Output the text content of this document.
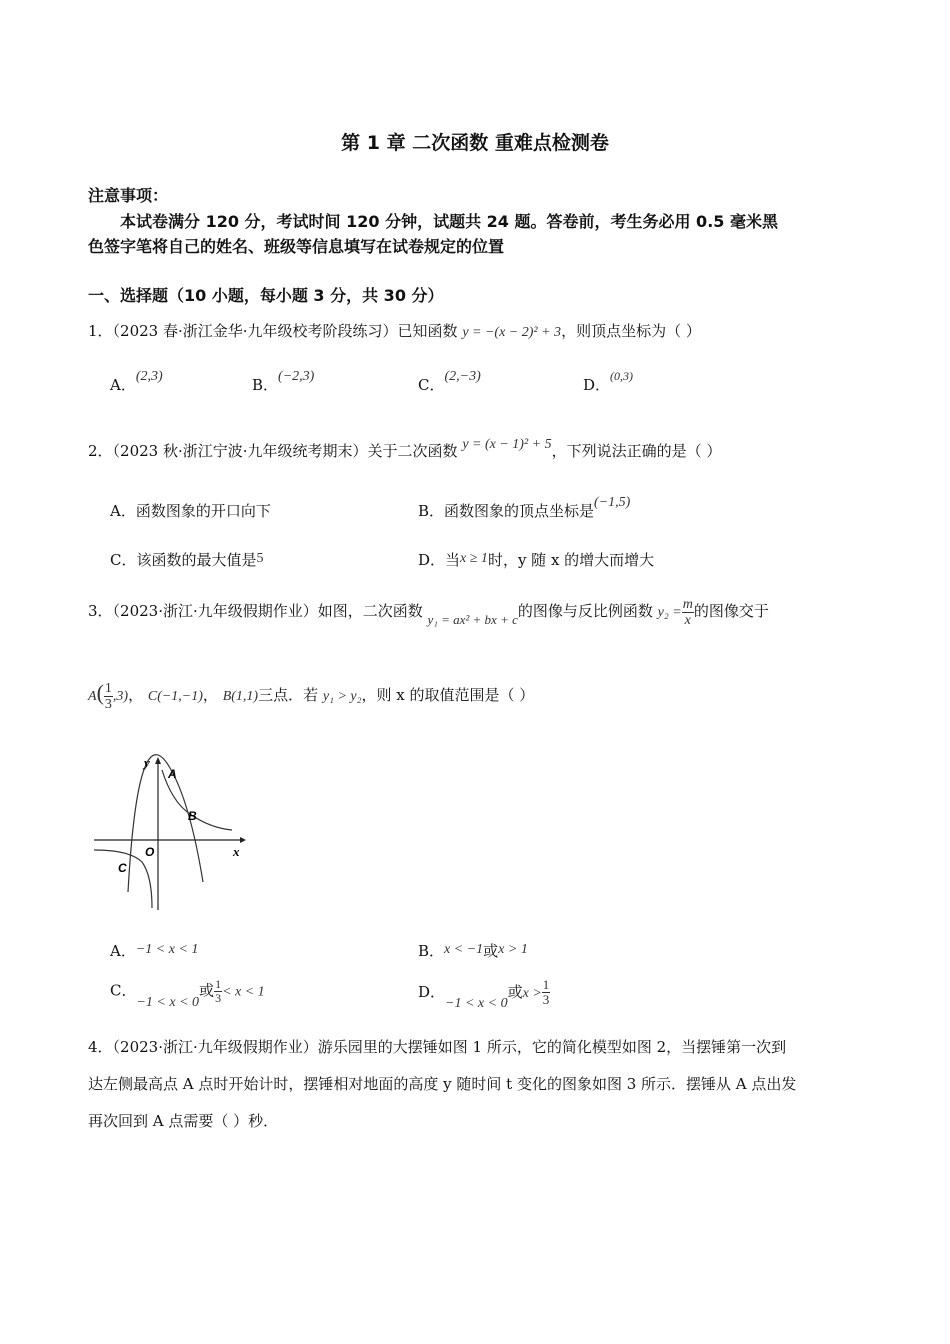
第 1 章 二次函数 重难点检测卷
注意事项：
本试卷满分 120 分，考试时间 120 分钟，试题共 24 题。答卷前，考生务必用 0.5 毫米黑
色签字笔将自己的姓名、班级等信息填写在试卷规定的位置
一、选择题（10 小题，每小题 3 分，共 30 分）
1．（2023 春·浙江金华·九年级校考阶段练习）已知函数 y = −(x − 2)² + 3，则顶点坐标为（ ）
A．(2,3)	B．(−2,3)	C．(2,−3)	D．$^{(0,3)}$
2．（2023 秋·浙江宁波·九年级统考期末）关于二次函数 y = (x − 1)² + 5，下列说法正确的是（ ）
A．函数图象的开口向下	B．函数图象的顶点坐标是(−1,5)
C．该函数的最大值是5	D．当x ≥ 1时，y 随 x 的增大而增大
3．（2023·浙江·九年级假期作业）如图，二次函数 y₁ = ax² + bx + c的图像与反比例函数 $y_2 = \frac{m}{x}$ 的图像交于
$A( \frac{1}{3} ,3)$， C(−1,−1)， B(1,1)三点．若 y₁ > y₂，则 x 的取值范围是（ ）
y
x
A
B
C
O
A．−1 < x < 1	B．x < −1或x > 1
C．−1 < x < 0或 $\frac{1}{3} < x < 1$	D．−1 < x < 0或$x > \frac{1}{3}$
4．（2023·浙江·九年级假期作业）游乐园里的大摆锤如图 1 所示，它的简化模型如图 2，当摆锤第一次到
达左侧最高点 A 点时开始计时，摆锤相对地面的高度 y 随时间 t 变化的图象如图 3 所示．摆锤从 A 点出发
再次回到 A 点需要（ ）秒．
